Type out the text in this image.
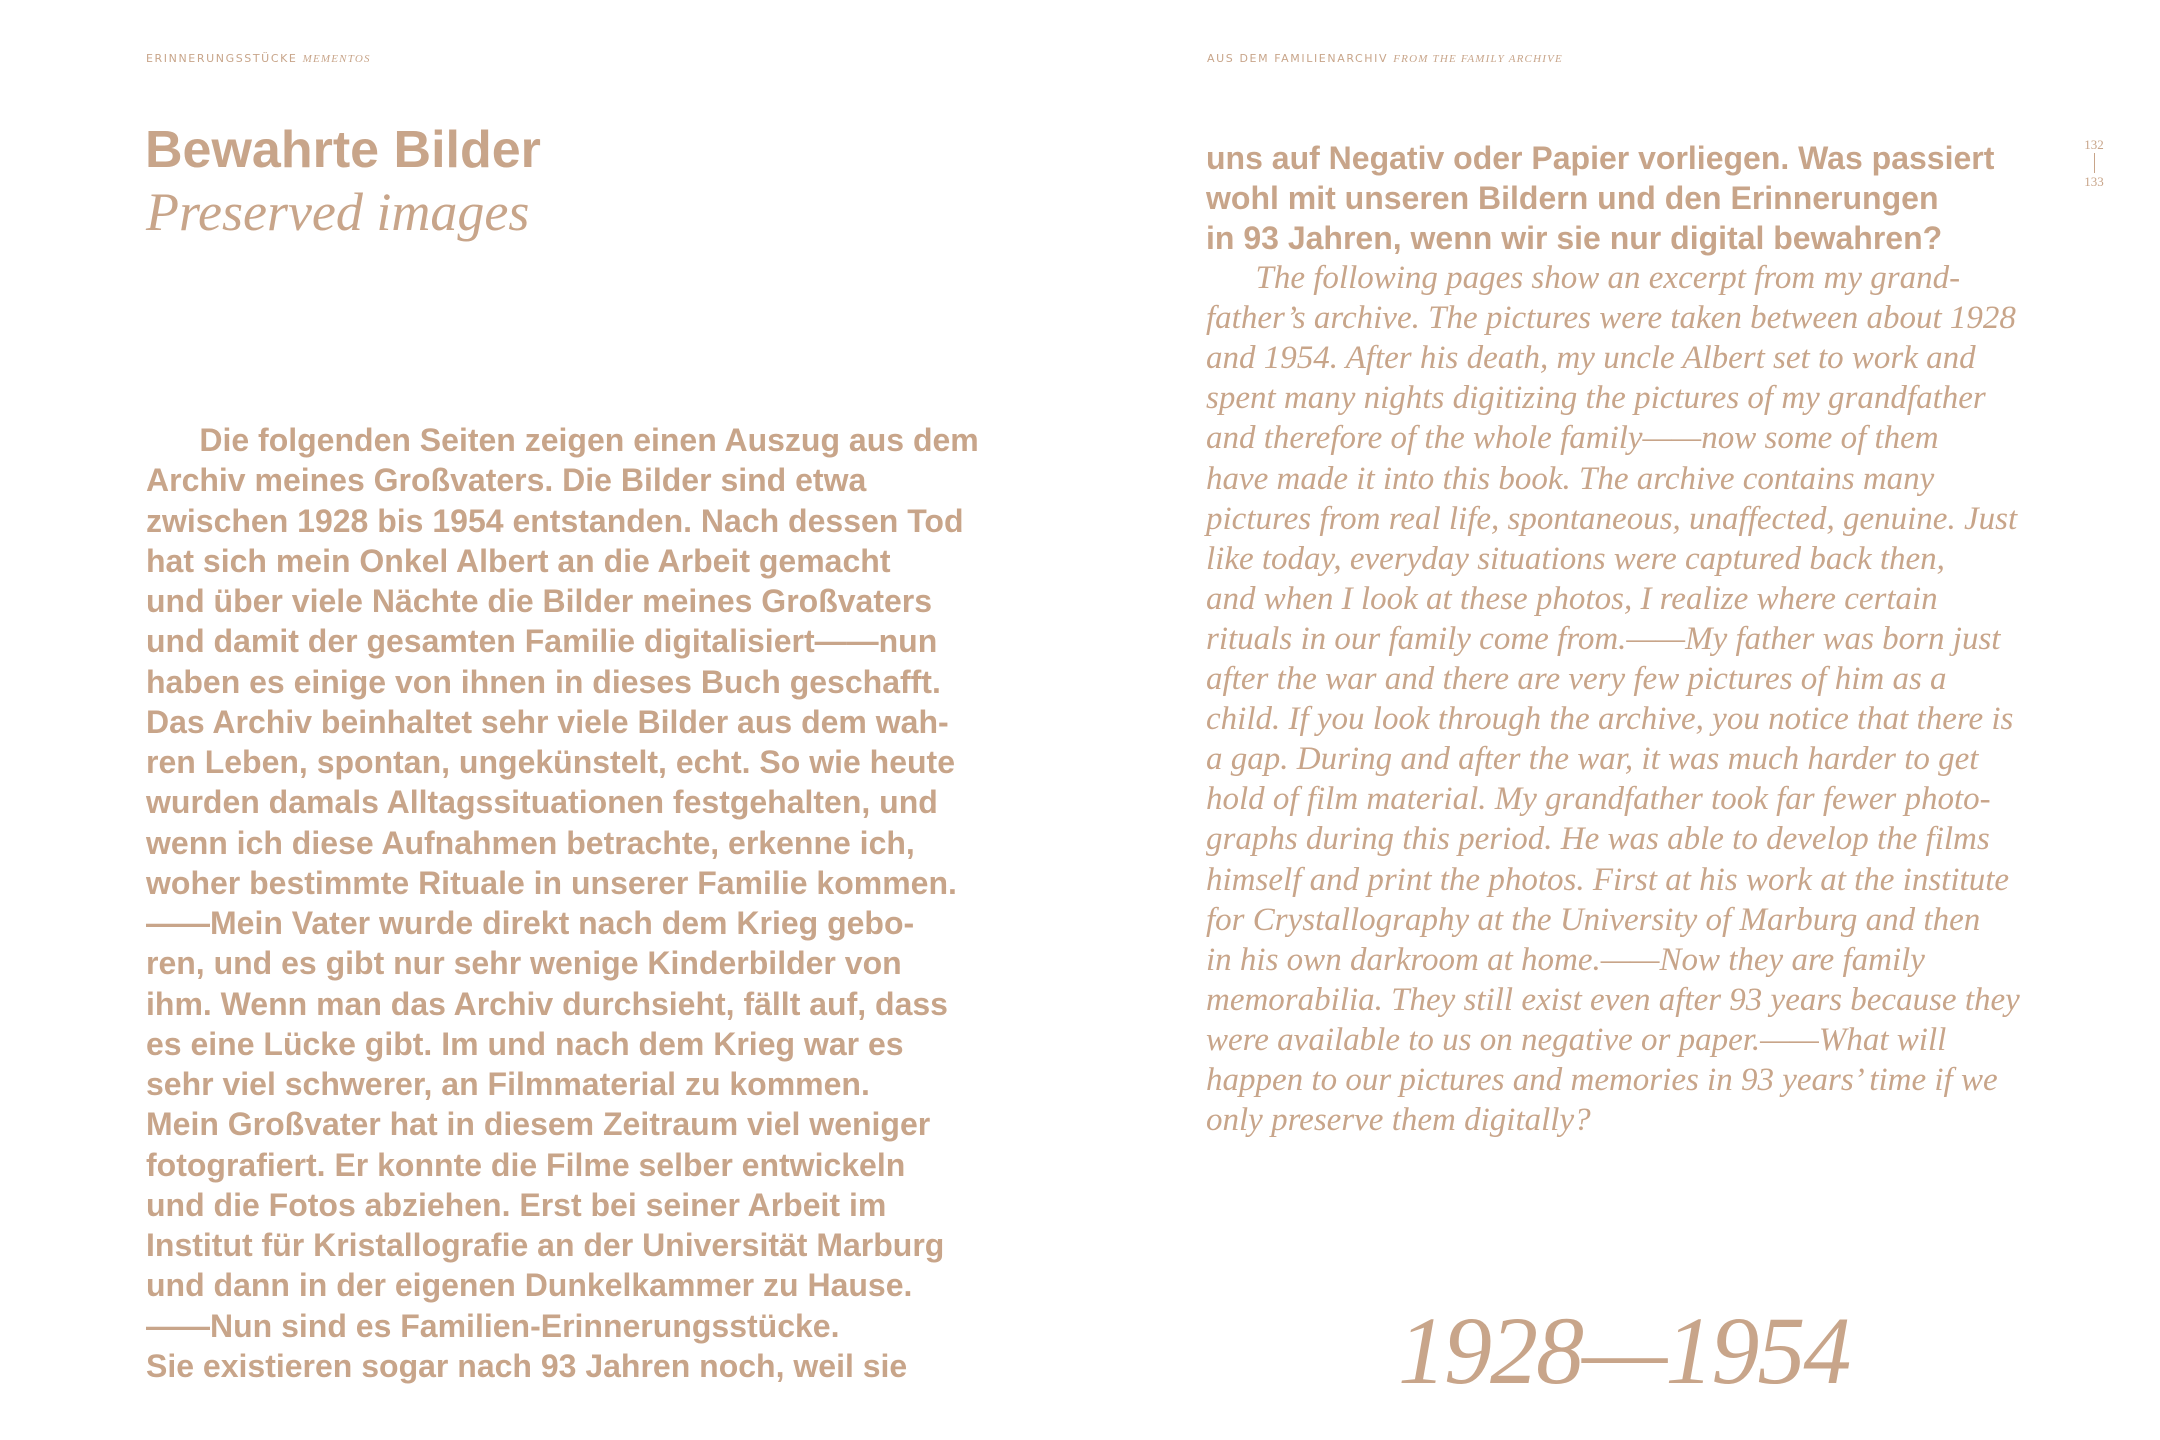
ERINNERUNGSSTÜCKE MEMENTOS	AUS DEM FAMILIENARCHIV FROM THE FAMILY ARCHIVE
132
133
Bewahrte Bilder
Preserved images

Die folgenden Seiten zeigen einen Auszug aus dem

Archiv meines Großvaters. Die Bilder sind etwa

zwischen 1928 bis 1954 entstanden. Nach dessen Tod

hat sich mein Onkel Albert an die Arbeit gemacht

und über viele Nächte die Bilder meines Großvaters

und damit der gesamten Familie digitalisiert——nun

haben es einige von ihnen in dieses Buch geschafft.

Das Archiv beinhaltet sehr viele Bilder aus dem wah-

ren Leben, spontan, ungekünstelt, echt. So wie heute

wurden damals Alltagssituationen festgehalten, und

wenn ich diese Aufnahmen betrachte, erkenne ich,

woher bestimmte Rituale in unserer Familie kommen.

——Mein Vater wurde direkt nach dem Krieg gebo-

ren, und es gibt nur sehr wenige Kinderbilder von

ihm. Wenn man das Archiv durchsieht, fällt auf, dass

es eine Lücke gibt. Im und nach dem Krieg war es

sehr viel schwerer, an Filmmaterial zu kommen.

Mein Großvater hat in diesem Zeitraum viel weniger

fotografiert. Er konnte die Filme selber entwickeln

und die Fotos abziehen. Erst bei seiner Arbeit im

Institut für Kristallografie an der Universität Marburg

und dann in der eigenen Dunkelkammer zu Hause.

——Nun sind es Familien-Erinnerungsstücke.

Sie existieren sogar nach 93 Jahren noch, weil sie

uns auf Negativ oder Papier vorliegen. Was passiert

wohl mit unseren Bildern und den Erinnerungen

in 93 Jahren, wenn wir sie nur digital bewahren?

The following pages show an excerpt from my grand-

father’s archive. The pictures were taken between about 1928

and 1954. After his death, my uncle Albert set to work and

spent many nights digitizing the pictures of my grandfather

and therefore of the whole family——now some of them

have made it into this book. The archive contains many

pictures from real life, spontaneous, unaffected, genuine. Just

like today, everyday situations were captured back then,

and when I look at these photos, I realize where certain

rituals in our family come from.——My father was born just

after the war and there are very few pictures of him as a

child. If you look through the archive, you notice that there is

a gap. During and after the war, it was much harder to get

hold of film material. My grandfather took far fewer photo-

graphs during this period. He was able to develop the films

himself and print the photos. First at his work at the institute

for Crystallography at the University of Marburg and then

in his own darkroom at home.——Now they are family

memorabilia. They still exist even after 93 years because they

were available to us on negative or paper.——What will

happen to our pictures and memories in 93 years’ time if we

only preserve them digitally?

1928—1954
